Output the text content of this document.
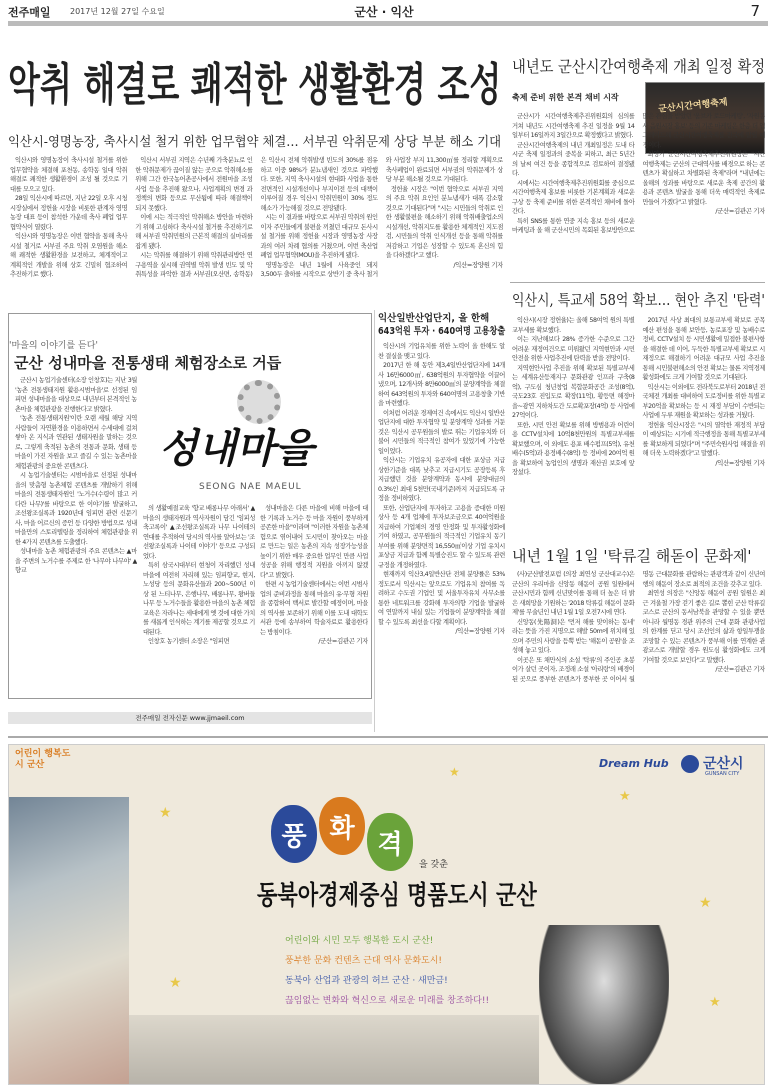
전주매일 2017년 12월 27일 수요일	군산 · 익산	7
악취 해결로 쾌적한 생활환경 조성
익산시-영명농장, 축사시설 철거 위한 업무협약 체결… 서부권 악취문제 상당 부분 해소 기대

익산시와 영명농장이 축사시설 철거를 위한 업무협약을 체결해 포천동, 송학동 일대 악취 해결로 쾌적한 생활환경이 조성 될 것으로 기대를 모으고 있다.

28일 익산시에 따르면, 지난 22일 오후 시청 시장실에서 정헌율 시장을 비롯한 관계자 영명농장 대표 등이 참석한 가운데 축사 폐업 업무협약식이 열렸다.

익산시와 영명농장은 이번 협약을 통해 축사시설 철거로 서부권 주요 악취 오염원을 해소해 쾌적한 생활환경을 보전하고, 체계적이고 계획적인 개발을 위해 상호 긴밀히 협조하여 추진하기로 했다.

익산시 서부권 지역은 수년째 가축분뇨로 인한 악취문제가 끊이질 않는 곳으로 악취해소를 위해 그간 한국농어촌공사에서 전원마을 조성사업 등을 추진해 왔으나, 사업계획의 변경 과 정책의 변화 등으로 무산됨에 따라 해결책이 되지 못했다.

이에 시는 적극적인 악취해소 방안을 마련하기 위해 고심하다 축사시설 철거를 추진하기로 해 서부권 악취민원의 근본적 해결의 실마리를 잡게 됐다.

시는 악취를 해결하기 위해 악취관리방안 연구용역을 실시해 권역별 악취 발생 빈도 및 악취특성을 파악한 결과 서부권(오산면, 송학동)은 익산시 전체 악취발생 빈도의 30%를 점유하고 이중 98%가 분뇨냄새인 것으로 파악했다. 또한, 지역 축사시설의 현대화 사업을 통한 전면적인 시설개선이나 부지이전 등의 대책이 이루어질 경우 익산시 악취민원이 30% 정도 해소가 가능해질 것으로 전망됐다.

시는 이 결과를 바탕으로 서부권 악취의 원인이자 주민들에게 불편을 끼쳤던 대규모 돈사시설 철거를 위해 정헌율 시장과 영명농장 사장과의 여러 차례 협의를 거쳤으며, 이번 축산업 폐업 업무협약(MOU)을 추진하게 됐다.

영명농장은 내년 1월에 사육중인 돼지 3,500두 출하를 시작으로 상반기 중 축사 철거와 사업장 부지 11,300㎡를 정리할 계획으로 축사폐업이 완료되면 서부권의 악취문제가 상당 부분 해소될 것으로 기대된다.

정헌율 시장은 "이번 협약으로 서부권 지역의 주요 악취 요인인 분뇨냄새가 대폭 감소할 것으로 기대된다"며 "시는 시민들의 악취로 인한 생활불편을 해소하기 위해 악취배출업소의 시설개선, 악취지도를 활용한 체계적인 지도점검, 시민들의 악취 인식개선 등을 통해 악취를 저감하고 기업은 성장할 수 있도록 혼신의 힘을 다하겠다"고 했다.

/익산=장양원 기자

내년도 군산시간여행축제 개최 일정 확정
축제 준비 위한 본격 채비 시작
군산시간여행축제

군산시가 시간여행축제추진위원회의 심의를 거쳐 내년도 시간여행축제 추진 일정을 9월 14일부터 16일까지 3일간으로 확정했다고 밝혔다.

군산시간여행축제의 내년 개최일정은 도내 타 시군 축제 일정과의 중복을 피하고, 최근 5년간의 날씨 여건 등을 종합적으로 검토하여 결정됐다.

시에서는 시간여행축제추진위원회를 중심으로 시간여행축제 홍보를 비롯한 기본계획과 새로운 구상 등 축제 준비를 위한 본격적인 채비에 돌아간다.

특히 SNS를 통한 연중 지속 홍보 등의 새로운 마케팅과 올 해 군산시민의 목회된 홍보방안으로 많은 관심을 받았던 '움브카 로드마케팅', '자원봉사 음원시장 홍보' 등의 기존 마케팅은 한층 더 업그레이드해 군산시간여행축제를 전국에 알릴 예정이다.

최영기 군산시간여행축제추진위원장은 "시간여행축제는 군산의 근대역사를 배경으로 하는 콘텐츠가 확실하고 차별화된 축제"라며 "내년에는 올해의 성과를 바탕으로 새로운 축제 공간의 활용과 콘텐츠 발굴을 통해 더욱 매력적인 축제로 만들어 가겠다"고 밝혔다.

/군산=김관곤 기자

익산시, 특교세 58억 확보… 현안 추진 '탄력'

익산시(시장 정헌율)는 올해 58여억 원의 특별교부세를 확보했다.

이는 지난해보다 28% 증가한 수준으로 그간 어려운 재정여건으로 미뤄왔던 지역현안과 시민안전을 위한 사업추진에 탄력을 받을 전망이다.

지역현안사업 추진을 위해 확보된 특별교부세는 세계유산등재지구 문화관광 인프라 구축(8억), 구도심 청년창업 복합문화공간 조성(8억), 국도23호 진입도로 확장(11억), 황등면 해정마을~광연 지하차도간 도로확포장(4억) 등 사업에 27억이다.

또한, 시민 안전 확보를 위해 방범용과 어린이용 CCTV설치에 10억8천만원의 특별교부세를 확보했으며, 이 외에도 용포 배수펌프(5억), 유천배수(5억)과 용정배수(8억) 등 정비에 20여억 원을 확보하여 농업인의 생명과 재산권 보호에 앞장섰다.

2017년 사상 최대의 보통교부세 확보로 공목예산 편성을 통해 보안등, 농로포장 및 농배수로정비, CCTV설치 등 시민생활에 밀접한 불편사항을 해결한 데 이어, 두둑한 특별교부세 확보로 시 재정으로 해결하기 어려운 대규모 사업 추진을 통해 시민불편해소의 안전 확보는 물론 지역경제 활성화에도 크게 기여할 것으로 기대된다.

익산시는 이외에도 전라북도로부터 2018년 전국체전 개최를 대비하여 도로정비를 위한 특별교부20억을 확보하는 등 시 재정 부담이 수반되는 사업에 두루 재원을 확보하는 성과를 거뒀다.

정헌율 익산시장은 "시의 열악한 재정적 부담이 예상되는 시기에 적극행정을 통해 특별교부세를 확보하게 되었다"며 "주민숙원사업 해결을 위해 더욱 노력하겠다"고 말했다.

/익산=장양원 기자

내년 1월 1일 '탁류길 해돋이 문화제'

(사)군산발전포럼 (의장 최연성 군산대교수)은 군산의 우리마을 신앙동 해돋이 공원 일원에서 군산시민과 함께 신년맞이를 통해 더 높은 더 밝은 새희망을 기원하는 '2018 탁류길 해돋이 문화제'를 무술년인 내년 1월 1일 오전7시에 연다.

신앙동(先陽洞)은 '먼저 해를 맞이하는 동네' 라는 뜻을 가진 지명으로 해발 50m에 위치해 있으며 주민의 사랑을 듬뿍 받는 '해돋이 공원'을 조성해 놓고 있다.

이곳은 또 채만식의 소설 '탁류'의 주인공 초봉이가 살던 곳이자, 조정래 소설 '아리랑'의 배경이 된 곳으로 풍부한 콘텐츠가 풍부한 곳 이어서 월명동 근대문화를 관람하는 관광객과 같이 신년여행의 해돋이 장소로 최적의 조건을 갖추고 있다.

최연성 의장은 "신앙동 해돋이 공원 일원은 최근 겨울철 가장 걷기 좋은 길로 뽑힌 군산 탁류길 코스로 군산의 동서남북을 관망할 수 있을 뿐만 아니라 월명동 경관 위주의 근대 문화 관광사업의 한계를 딛고 당시 조선인의 삶과 항일투쟁을 조망할 수 있는 콘텐츠가 풍부해 이를 연계한 관광코스로 개발할 경우 원도심 활성화에도 크게 기여할 것으로 보인다"고 말했다.

/군산=김관곤 기자

'마을의 이야기를 듣다'
군산 성내마을 전통생태 체험장소로 거듭

군산시 농업기술센터(소장 인창호)는 지난 3월 '농촌 전통생태지원 활용시범마을'로 선정된 임피면 성내마을을 대상으로 내년부터 본격적인 농촌마을 체험관광을 진행한다고 밝혔다.

'농촌 전통생태지원'이란 오랜 세월 해당 지역 사람들이 자연환경을 이용하면서 수세대에 걸쳐 쌓아 온 지식과 연관된 생태자원을 말하는 것으로, 그렇게 축적된 농촌의 전통과 문화, 생태 등 마을이 가진 자원을 보고 즐길 수 있는 농촌마을 체험관광의 중요한 콘텐츠다.

시 농업기술센터는 시범마을로 선정된 성내마을의 맞춤형 농촌체험 콘텐츠를 개발하기 위해 마을의 전통생태자원인 '노거수(수령이 많고 커다란 나무)'를 바탕으로 한 이야기를 발굴하고, 조선왕조실록과 1920년대 임피면 관련 신문기사, 마을 어르신의 증언 등 다양한 방법으로 성내마을만의 스토리텔링을 정리하여 체험관광을 위한 4가지 콘텐츠를 도출했다.

성내마을 농촌 체험관광의 주요 콘텐츠는 ▲마을 주변의 노거수를 주제로 한 '나무야 나무야' ▲향교

성내마을
SEONG NAE MAEUL

의 생활예절교육 '향교 배롱나무 아래서' ▲마을의 생태자원과 역사자원이 담긴 '임피성 축고록이' ▲조선왕조실록과 나무 나이테의 연대를 추적하여 당시의 역사를 알아보는 '조선왕조실록과 나이테 이야기' 등으로 구성되었다.

특히 삼국시대부터 현청이 자리했던 성내마을에 여전히 자리해 있는 임피향교, 현지, 노성당 등의 문화유산들과 200~500년 이상 된 느티나무, 은행나무, 배롱나무, 왕버들나무 등 노거수들을 활용한 마을의 농촌 체험교육은 자라나는 세대에게 옛 것에 대한 가치를 새롭게 인식하는 계기를 제공할 것으로 기대된다.

인창호 농기센터 소장은 "임피면

성내마을은 다른 마을에 비해 마을에 대한 기록과 노거수 등 마을 자원이 풍부하게 공존한 마을"이라며 "이러한 자원을 농촌체험으로 엮어내어 도시민이 찾아오는 마을로 만드는 일은 농촌의 지속 성장가능성을 높이기 위한 매우 중요한 업무인 만큼 사업 성공을 위해 행정적 지원을 아끼지 않겠다"고 밝혔다.

한편 시 농업기술센터에서는 이번 시범사업의 준비과정을 통해 마을의 유·무형 자원을 종합하여 백서로 발간할 예정이며, 마을의 역사를 보존하기 위해 이를 도내 대학도서관 등에 송부하여 학술자료로 활용한다는 방침이다.

/군산=김관곤 기자

전주매일 전자신문 www.jjmaeil.com
익산일반산업단지, 올 한해 643억원 투자 · 640여명 고용창출

익산시의 기업유치를 위한 노력이 올 한해도 알찬 결실을 맺고 있다.

2017년 한 해 동안 제3,4일반산업단지에 14개사 16만6000㎡, 638억원의 투자협약을 이끌어 냈으며, 12개사와 8만6000㎡의 분양계약을 체결하여 643억원의 투자와 640여명의 고용창출 기반을 마련했다.

이처럼 어려운 경제여건 속에서도 익산시 일반산업단지에 대한 투자협약 및 분양계약 성과를 거둔 것은 익산시 공무원들의 발로 뛰는 기업유치와 더불어 시민들의 적극적인 참여가 있었기에 가능한 일이었다.

익산시는 기업유치 유공자에 대한 포상금 지급 상한기준을 대폭 낮추고 지급시기도 공장등록 후 지급했던 것을 분양계약과 동시에 분양대금의 0.3%인 최대 5천만(국내기준)까지 지급되도록 규정을 정비하였다.

또한, 산업단지에 투자하고 고용을 증대한 미원상사 등 4개 업체에 투자보조금으로 40여억원을 지급하여 기업체의 경영 안정화 및 투자활성화에 기여 하였고, 공무원들의 적극적인 기업유치 동기부여를 위해 분양면적 16,550㎡이상 기업 유치시 포상금 지급과 함께 특별승진도 할 수 있도록 관련 규정을 개정하였다.

현재까지 익산3,4일반산단 전체 분양률은 53%정도로서 익산시는 앞으로도 기업유치 참여를 독려하고 수도권 기업인 및 서울투자유치 사무소를 통한 네트워크를 강화해 투자의향 기업을 발굴하여 연말까지 내실 있는 기업들이 분양계약을 체결할 수 있도록 최선을 다할 계획이다.

/익산=장양원 기자

어린이 행복도시 군산	Dream Hub 군산시
GUNSAN CITY
풍 화
격
을 갖춘
동북아경제중심 명품도시 군산
어린이와 시민 모두 행복한 도시 군산! 풍부한 문화 컨텐츠 근대 역사 문화도시! 동북아 산업과 관광의 허브 군산 · 새만금! 끊임없는 변화와 혁신으로 새로운 미래를 창조하다!!
★
★
★
★
★
★
